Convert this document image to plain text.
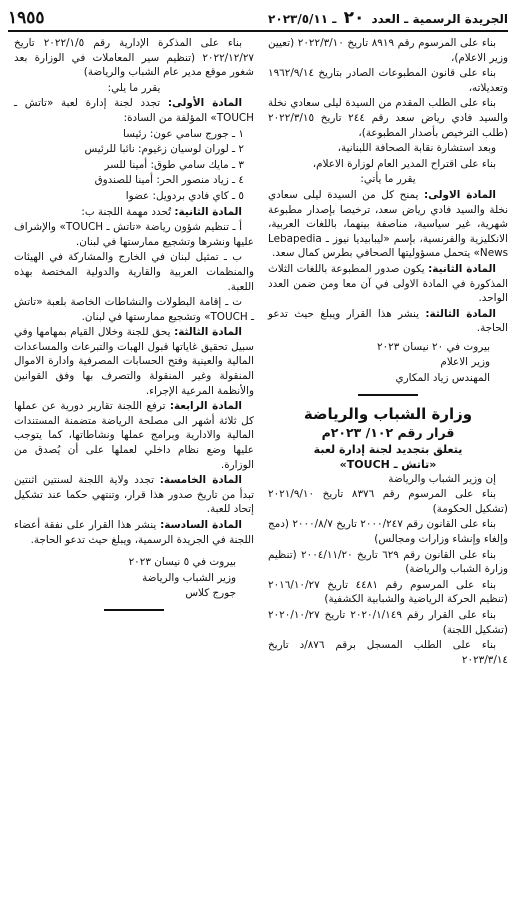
الجريدة الرسمية ـ العدد ٢٠ ـ ٢٠٢٣/٥/١١
١٩٥٥

بناء على المرسوم رقم ٨٩١٩ تاريخ ٢٠٢٢/٣/١٠ (تعيين وزير الاعلام)،

بناء على قانون المطبوعات الصادر بتاريخ ١٩٦٢/٩/١٤ وتعديلاته،

بناء على الطلب المقدم من السيدة ليلى سعادي نخلة والسيد فادي رياض سعد رقم ٢٤٤ تاريخ ٢٠٢٢/٣/١٥ (طلب الترخيص بأصدار المطبوعة)،

وبعد استشارة نقابة الصحافة اللبنانية،

بناء على اقتراح المدير العام لوزارة الاعلام،

يقرر ما يأتي:

المادة الاولى: يمنح كل من السيدة ليلى سعادي نخلة والسيد فادي رياض سعد، ترخيصا بإصدار مطبوعة شهرية، غير سياسية، مناصفة بينهما، باللغات العربية، الانكليزية والفرنسية، بإسم «ليبابيديا نيوز ـ Lebapedia News» يتحمل مسؤوليتها الصحافي بطرس كمال سعد.

المادة الثانية: يكون صدور المطبوعة باللغات الثلاث المذكورة في المادة الاولى في آن معا ومن ضمن العدد الواحد.

المادة الثالثة: ينشر هذا القرار ويبلغ حيث تدعو الحاجة.

بيروت في ٢٠ نيسان ٢٠٢٣

وزير الاعلام

المهندس زياد المكاري

وزارة الشباب والرياضة
قرار رقم ١٠٢/ ٢٠٢٣م
يتعلق بتجديد لجنة إدارة لعبة
«تاتش ـ TOUCH»

إن وزير الشباب والرياضة

بناء على المرسوم رقم ٨٣٧٦ تاريخ ٢٠٢١/٩/١٠ (تشكيل الحكومة)

بناء على القانون رقم ٢٠٠٠/٢٤٧ تاريخ ٢٠٠٠/٨/٧ (دمج وإلغاء وإنشاء وزارات ومجالس)

بناء على القانون رقم ٦٢٩ تاريخ ٢٠٠٤/١١/٢٠ (تنظيم وزارة الشباب والرياضة)

بناء على المرسوم رقم ٤٤٨١ تاريخ ٢٠١٦/١٠/٢٧ (تنظيم الحركة الرياضية والشبابية الكشفية)

بناء على القرار رقم ٢٠٢٠/١/١٤٩ تاريخ ٢٠٢٠/١٠/٢٧ (تشكيل اللجنة)

بناء على الطلب المسجل برقم ٨٧٦/د تاريخ ٢٠٢٣/٣/١٤

بناء على المذكرة الإدارية رقم ٢٠٢٢/١/٥ تاريخ ٢٠٢٢/١٢/٢٧ (تنظيم سير المعاملات في الوزارة بعد شغور موقع مدير عام الشباب والرياضة)

يقرر ما يلي:

المادة الأولى: تجدد لجنة إدارة لعبة «تاتش ـ TOUCH» المؤلفة من السادة:

١ ـ جورج سامي عون: رئيسا

٢ ـ لوران لوسيان زغيوم: نائبا للرئيس

٣ ـ مايك سامي طوق: أمينا للسر

٤ ـ زياد منصور الحر: أمينا للصندوق

٥ ـ كاي فادي بردويل: عضوا

المادة الثانية: تُحدد مهمة اللجنة ب:

أ ـ تنظيم شؤون رياضة «تاتش ـ TOUCH» والإشراف عليها ونشرها وتشجيع ممارستها في لبنان.

ب ـ تمثيل لبنان في الخارج والمشاركة في الهيئات والمنظمات العربية والقارية والدولية المختصة بهذه اللعبة.

ت ـ إقامة البطولات والنشاطات الخاصة بلعبة «تاتش ـ TOUCH» وتشجيع ممارستها في لبنان.

المادة الثالثة: يحق للجنة وخلال القيام بمهامها وفي سبيل تحقيق غاياتها قبول الهبات والتبرعات والمساعدات المالية والعينية وفتح الحسابات المصرفية وادارة الاموال المنقولة وغير المنقولة والتصرف بها وفق القوانين والأنظمة المرعية الإجراء.

المادة الرابعة: ترفع اللجنة تقارير دورية عن عملها كل ثلاثة أشهر الى مصلحة الرياضة متضمنة المستندات المالية والادارية وبرامج عملها ونشاطاتها، كما يتوجب عليها وضع نظام داخلي لعملها على أن يُصدق من الوزارة.

المادة الخامسة: تجدد ولاية اللجنة لسنتين اثنتين تبدأ من تاريخ صدور هذا قرار، وتنتهي حكما عند تشكيل إتحاد للعبة.

المادة السادسة: ينشر هذا القرار على نفقة أعضاء اللجنة في الجريدة الرسمية، ويبلغ حيث تدعو الحاجة.

بيروت في ٥ نيسان ٢٠٢٣

وزير الشباب والرياضة

جورج كلاس
